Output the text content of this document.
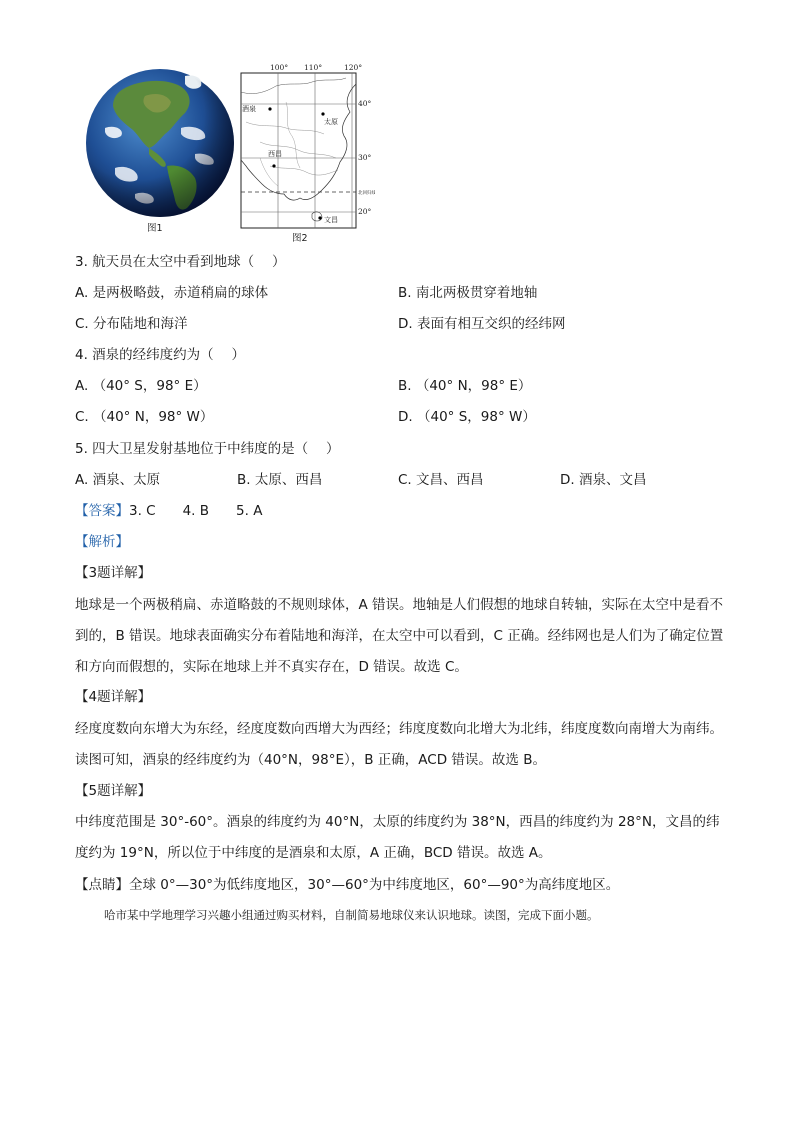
图1
100° 110°	120°
40°
30°
20°
北回归线
酒泉
太原
西昌
文昌
图2
3. 航天员在太空中看到地球（　 ）
A. 是两极略鼓，赤道稍扁的球体	B. 南北两极贯穿着地轴
C. 分布陆地和海洋	D. 表面有相互交织的经纬网
4. 酒泉的经纬度约为（　 ）
A. （40° S，98° E）	B. （40° N，98° E）
C. （40° N，98° W）	D. （40° S，98° W）
5. 四大卫星发射基地位于中纬度的是（　 ）
A. 酒泉、太原	B. 太原、西昌	C. 文昌、西昌	D. 酒泉、文昌
【答案】3. C　　4. B　　5. A
【解析】
【3题详解】
地球是一个两极稍扁、赤道略鼓的不规则球体，A 错误。地轴是人们假想的地球自转轴，实际在太空中是看不到的，B 错误。地球表面确实分布着陆地和海洋，在太空中可以看到，C 正确。经纬网也是人们为了确定位置和方向而假想的，实际在地球上并不真实存在，D 错误。故选 C。
【4题详解】
经度度数向东增大为东经，经度度数向西增大为西经；纬度度数向北增大为北纬，纬度度数向南增大为南纬。读图可知，酒泉的经纬度约为（40°N，98°E），B 正确，ACD 错误。故选 B。
【5题详解】
中纬度范围是 30°-60°。酒泉的纬度约为 40°N，太原的纬度约为 38°N，西昌的纬度约为 28°N，文昌的纬度约为 19°N，所以位于中纬度的是酒泉和太原，A 正确，BCD 错误。故选 A。
【点睛】全球 0°—30°为低纬度地区，30°—60°为中纬度地区，60°—90°为高纬度地区。
哈市某中学地理学习兴趣小组通过购买材料，自制简易地球仪来认识地球。读图，完成下面小题。
